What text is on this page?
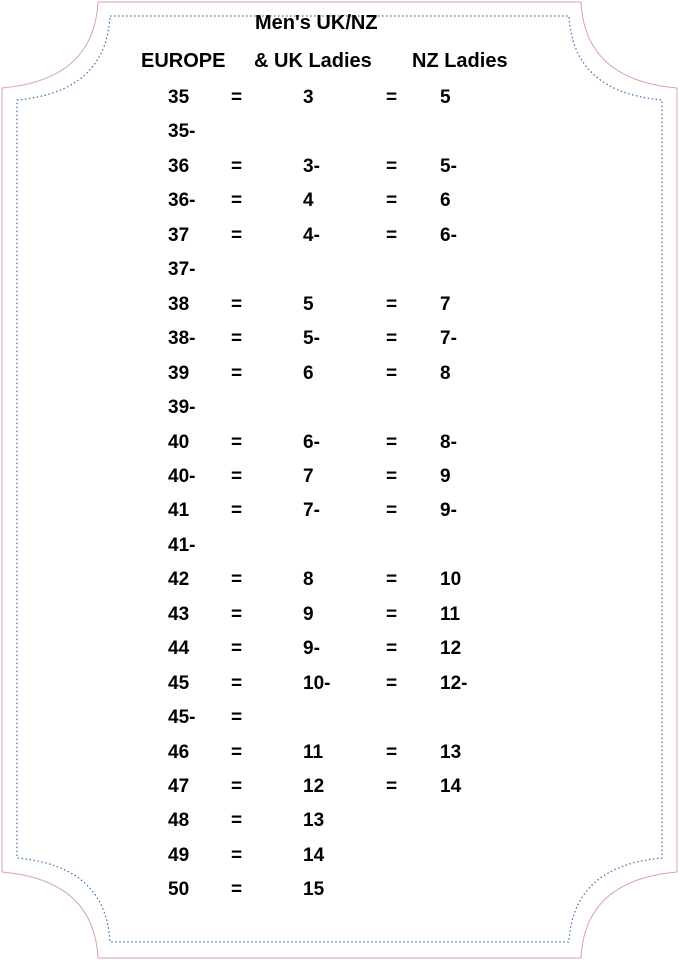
Men's UK/NZ
EUROPE & UK Ladies NZ Ladies
35 =	3	= 5
35-
36 =	3-	= 5-
36- =	4	= 6
37 =	4-	= 6-
37-
38 =	5	= 7
38- =	5-	= 7-
39 =	6	= 8
39-
40 =	6-	= 8-
40- =	7	= 9
41 =	7-	= 9-
41-
42 =	8	= 10
43 =	9	= 11
44 =	9-	= 12
45 =	10-	= 12-
45- =
46 =	11	= 13
47 =	12	= 14
48 =	13
49 =	14
50 =	15
